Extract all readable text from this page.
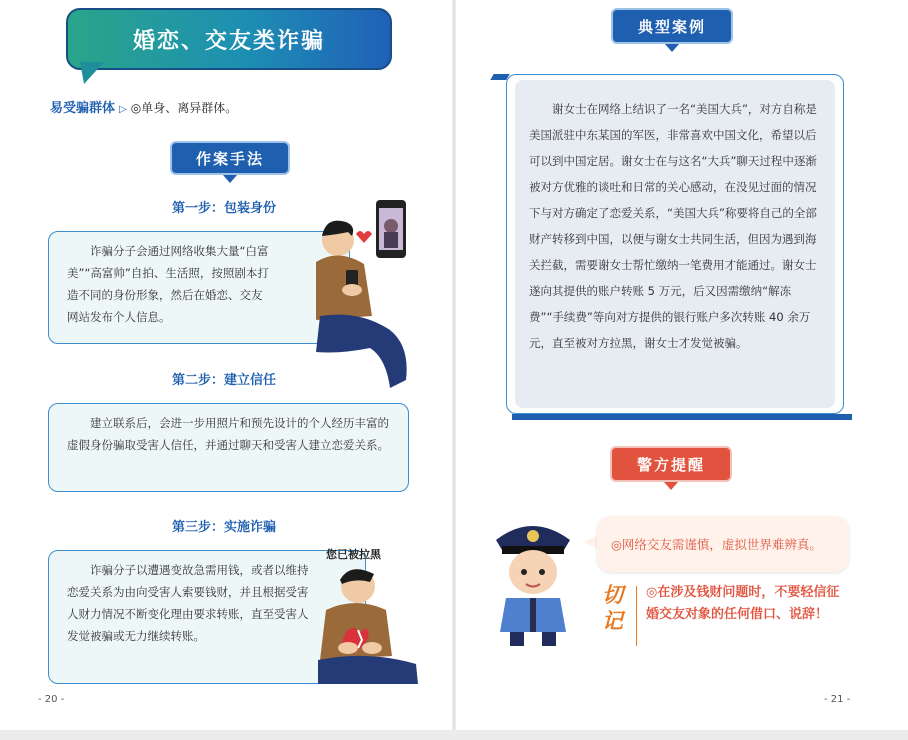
婚恋、交友类诈骗
易受骗群体 ▷ ◎单身、离异群体。
作案手法
第一步：包装身份
诈骗分子会通过网络收集大量“白富美”“高富帅”自拍、生活照，按照剧本打造不同的身份形象，然后在婚恋、交友网站发布个人信息。
第二步：建立信任
建立联系后，会进一步用照片和预先设计的个人经历丰富的虚假身份骗取受害人信任，并通过聊天和受害人建立恋爱关系。
第三步：实施诈骗
诈骗分子以遭遇变故急需用钱，或者以维持恋爱关系为由向受害人索要钱财，并且根据受害人财力情况不断变化理由要求转账，直至受害人发觉被骗或无力继续转账。
您已被拉黑
- 20 -
典型案例
谢女士在网络上结识了一名“美国大兵”，对方自称是美国派驻中东某国的军医，非常喜欢中国文化，希望以后可以到中国定居。谢女士在与这名“大兵”聊天过程中逐渐被对方优雅的谈吐和日常的关心感动，在没见过面的情况下与对方确定了恋爱关系，“美国大兵”称要将自己的全部财产转移到中国，以便与谢女士共同生活，但因为遇到海关拦截，需要谢女士帮忙缴纳一笔费用才能通过。谢女士遂向其提供的账户转账 5 万元，后又因需缴纳“解冻费”“手续费”等向对方提供的银行账户多次转账 40 余万元，直至被对方拉黑，谢女士才发觉被骗。
警方提醒
◎网络交友需谨慎，虚拟世界难辨真。
切
记
◎在涉及钱财问题时，不要轻信征婚交友对象的任何借口、说辞！
- 21 -
